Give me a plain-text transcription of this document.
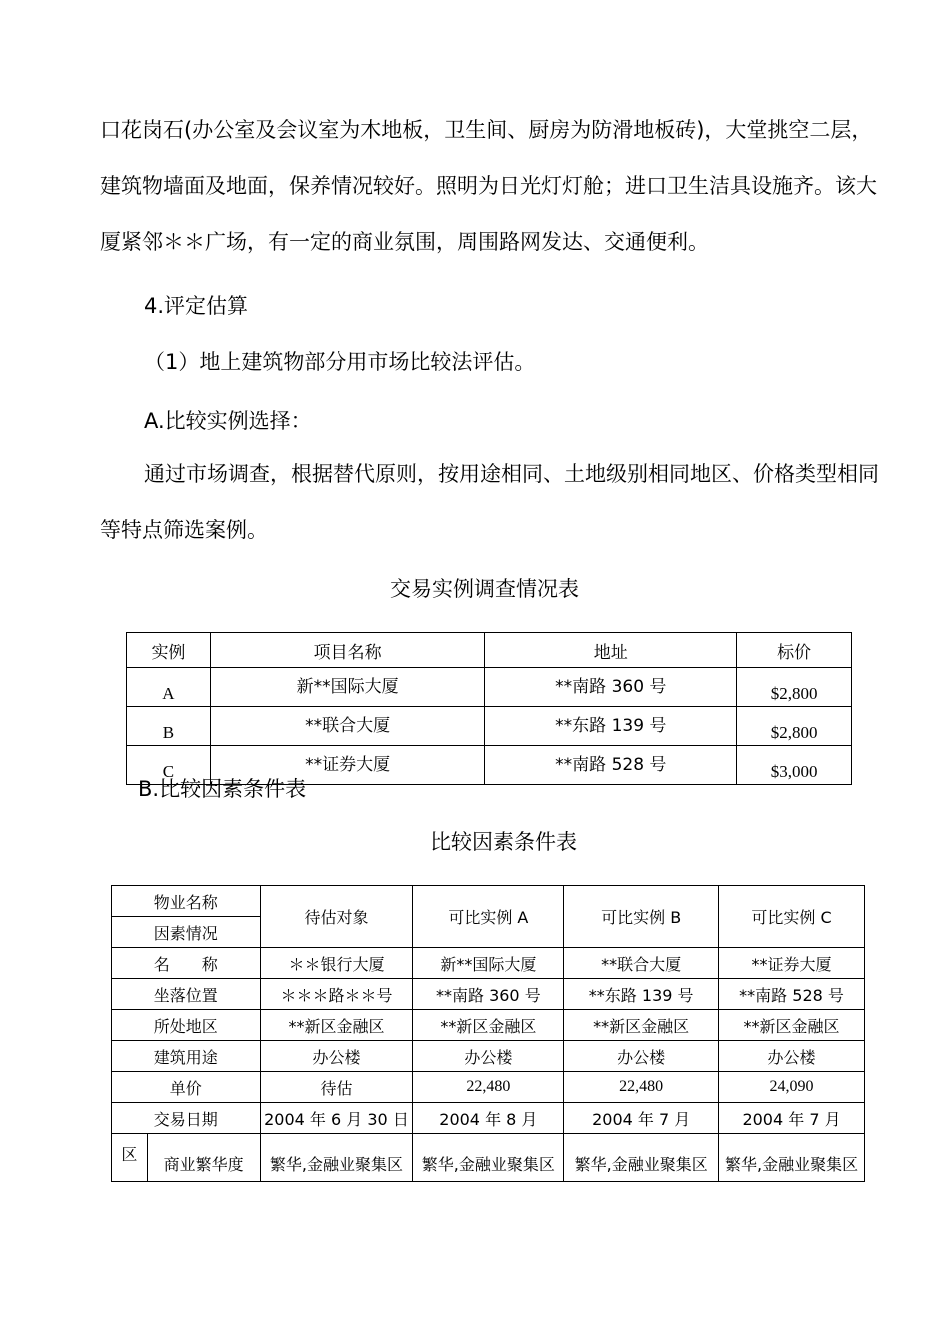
口花岗石(办公室及会议室为木地板，卫生间、厨房为防滑地板砖)，大堂挑空二层，建筑物墙面及地面，保养情况较好。照明为日光灯灯舱；进口卫生洁具设施齐。该大厦紧邻＊＊广场，有一定的商业氛围，周围路网发达、交通便利。

4.评定估算

（1）地上建筑物部分用市场比较法评估。

A.比较实例选择：

通过市场调查，根据替代原则，按用途相同、土地级别相同地区、价格类型相同等特点筛选案例。

交易实例调查情况表
实例	项目名称	地址	标价
A	新**国际大厦	**南路 360 号	$2,800
B	**联合大厦	**东路 139 号	$2,800
C	**证券大厦	**南路 528 号	$3,000

B.比较因素条件表

比较因素条件表
物业名称		待估对象	可比实例 A	可比实例 B	可比实例 C
因素情况					
名　　称		＊＊银行大厦	新**国际大厦	**联合大厦	**证券大厦
坐落位置		＊＊＊路＊＊号	**南路 360 号	**东路 139 号	**南路 528 号
所处地区		**新区金融区	**新区金融区	**新区金融区	**新区金融区
建筑用途		办公楼	办公楼	办公楼	办公楼
单价		待估	22,480	22,480	24,090
交易日期		2004 年 6 月 30 日	2004 年 8 月	2004 年 7 月	2004 年 7 月
区	商业繁华度	繁华,金融业聚集区	繁华,金融业聚集区	繁华,金融业聚集区	繁华,金融业聚集区
